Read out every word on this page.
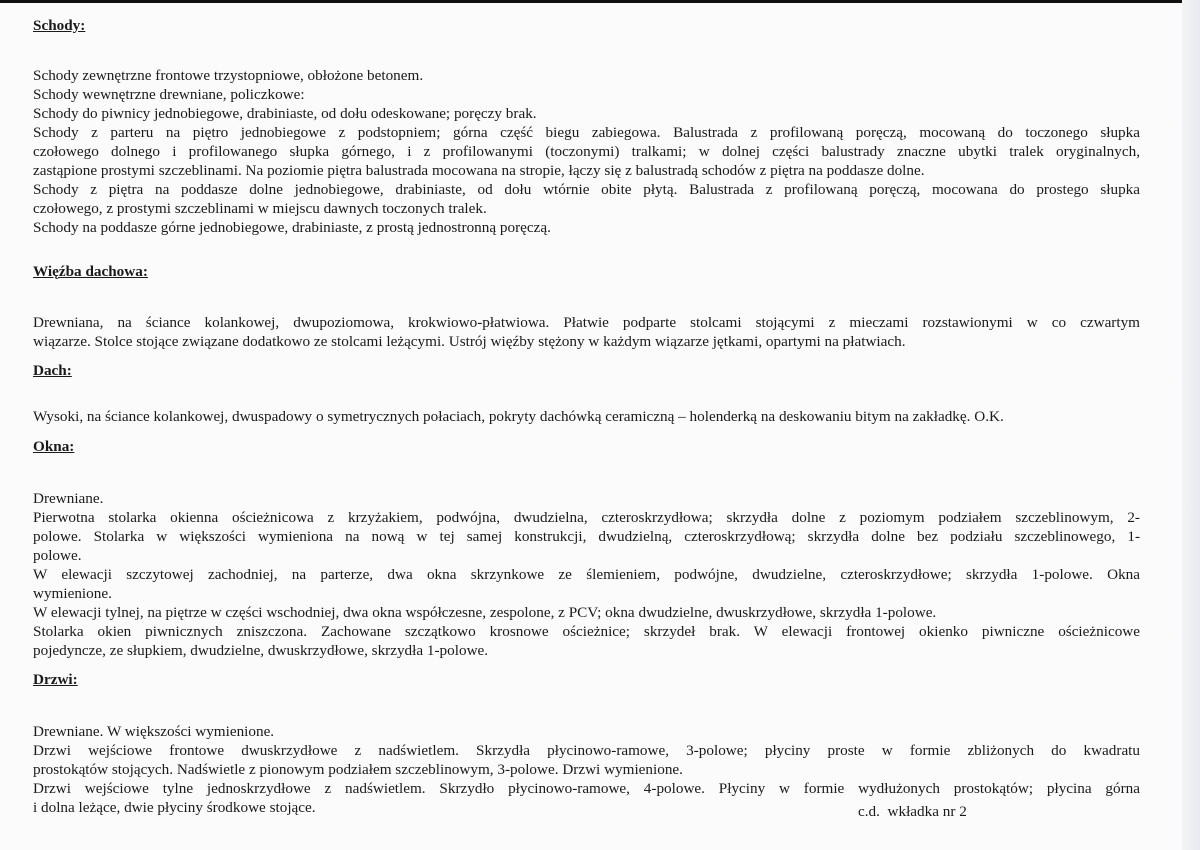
Schody:
Schody zewnętrzne frontowe trzystopniowe, obłożone betonem.
Schody wewnętrzne drewniane, policzkowe:
Schody do piwnicy jednobiegowe, drabiniaste, od dołu odeskowane; poręczy brak.
Schody z parteru na piętro jednobiegowe z podstopniem; górna część biegu zabiegowa. Balustrada z profilowaną poręczą, mocowaną do toczonego słupka
czołowego dolnego i profilowanego słupka górnego, i z profilowanymi (toczonymi) tralkami; w dolnej części balustrady znaczne ubytki tralek oryginalnych,
zastąpione prostymi szczeblinami. Na poziomie piętra balustrada mocowana na stropie, łączy się z balustradą schodów z piętra na poddasze dolne.
Schody z piętra na poddasze dolne jednobiegowe, drabiniaste, od dołu wtórnie obite płytą. Balustrada z profilowaną poręczą, mocowana do prostego słupka
czołowego, z prostymi szczeblinami w miejscu dawnych toczonych tralek.
Schody na poddasze górne jednobiegowe, drabiniaste, z prostą jednostronną poręczą.
Więźba dachowa:
Drewniana, na ściance kolankowej, dwupoziomowa, krokwiowo-płatwiowa. Płatwie podparte stolcami stojącymi z mieczami rozstawionymi w co czwartym
wiązarze. Stolce stojące związane dodatkowo ze stolcami leżącymi. Ustrój więźby stężony w każdym wiązarze jętkami, opartymi na płatwiach.
Dach:
Wysoki, na ściance kolankowej, dwuspadowy o symetrycznych połaciach, pokryty dachówką ceramiczną – holenderką na deskowaniu bitym na zakładkę. O.K.
Okna:
Drewniane.
Pierwotna stolarka okienna ościeżnicowa z krzyżakiem, podwójna, dwudzielna, czteroskrzydłowa; skrzydła dolne z poziomym podziałem szczeblinowym, 2-
polowe. Stolarka w większości wymieniona na nową w tej samej konstrukcji, dwudzielną, czteroskrzydłową; skrzydła dolne bez podziału szczeblinowego, 1-
polowe.
W elewacji szczytowej zachodniej, na parterze, dwa okna skrzynkowe ze ślemieniem, podwójne, dwudzielne, czteroskrzydłowe; skrzydła 1-polowe. Okna
wymienione.
W elewacji tylnej, na piętrze w części wschodniej, dwa okna współczesne, zespolone, z PCV; okna dwudzielne, dwuskrzydłowe, skrzydła 1-polowe.
Stolarka okien piwnicznych zniszczona. Zachowane szczątkowo krosnowe ościeżnice; skrzydeł brak. W elewacji frontowej okienko piwniczne ościeżnicowe
pojedyncze, ze słupkiem, dwudzielne, dwuskrzydłowe, skrzydła 1-polowe.
Drzwi:
Drewniane. W większości wymienione.
Drzwi wejściowe frontowe dwuskrzydłowe z nadświetlem. Skrzydła płycinowo-ramowe, 3-polowe; płyciny proste w formie zbliżonych do kwadratu
prostokątów stojących. Nadświetle z pionowym podziałem szczeblinowym, 3-polowe. Drzwi wymienione.
Drzwi wejściowe tylne jednoskrzydłowe z nadświetlem. Skrzydło płycinowo-ramowe, 4-polowe. Płyciny w formie wydłużonych prostokątów; płycina górna
i dolna leżące, dwie płyciny środkowe stojące.	c.d.  wkładka nr 2
